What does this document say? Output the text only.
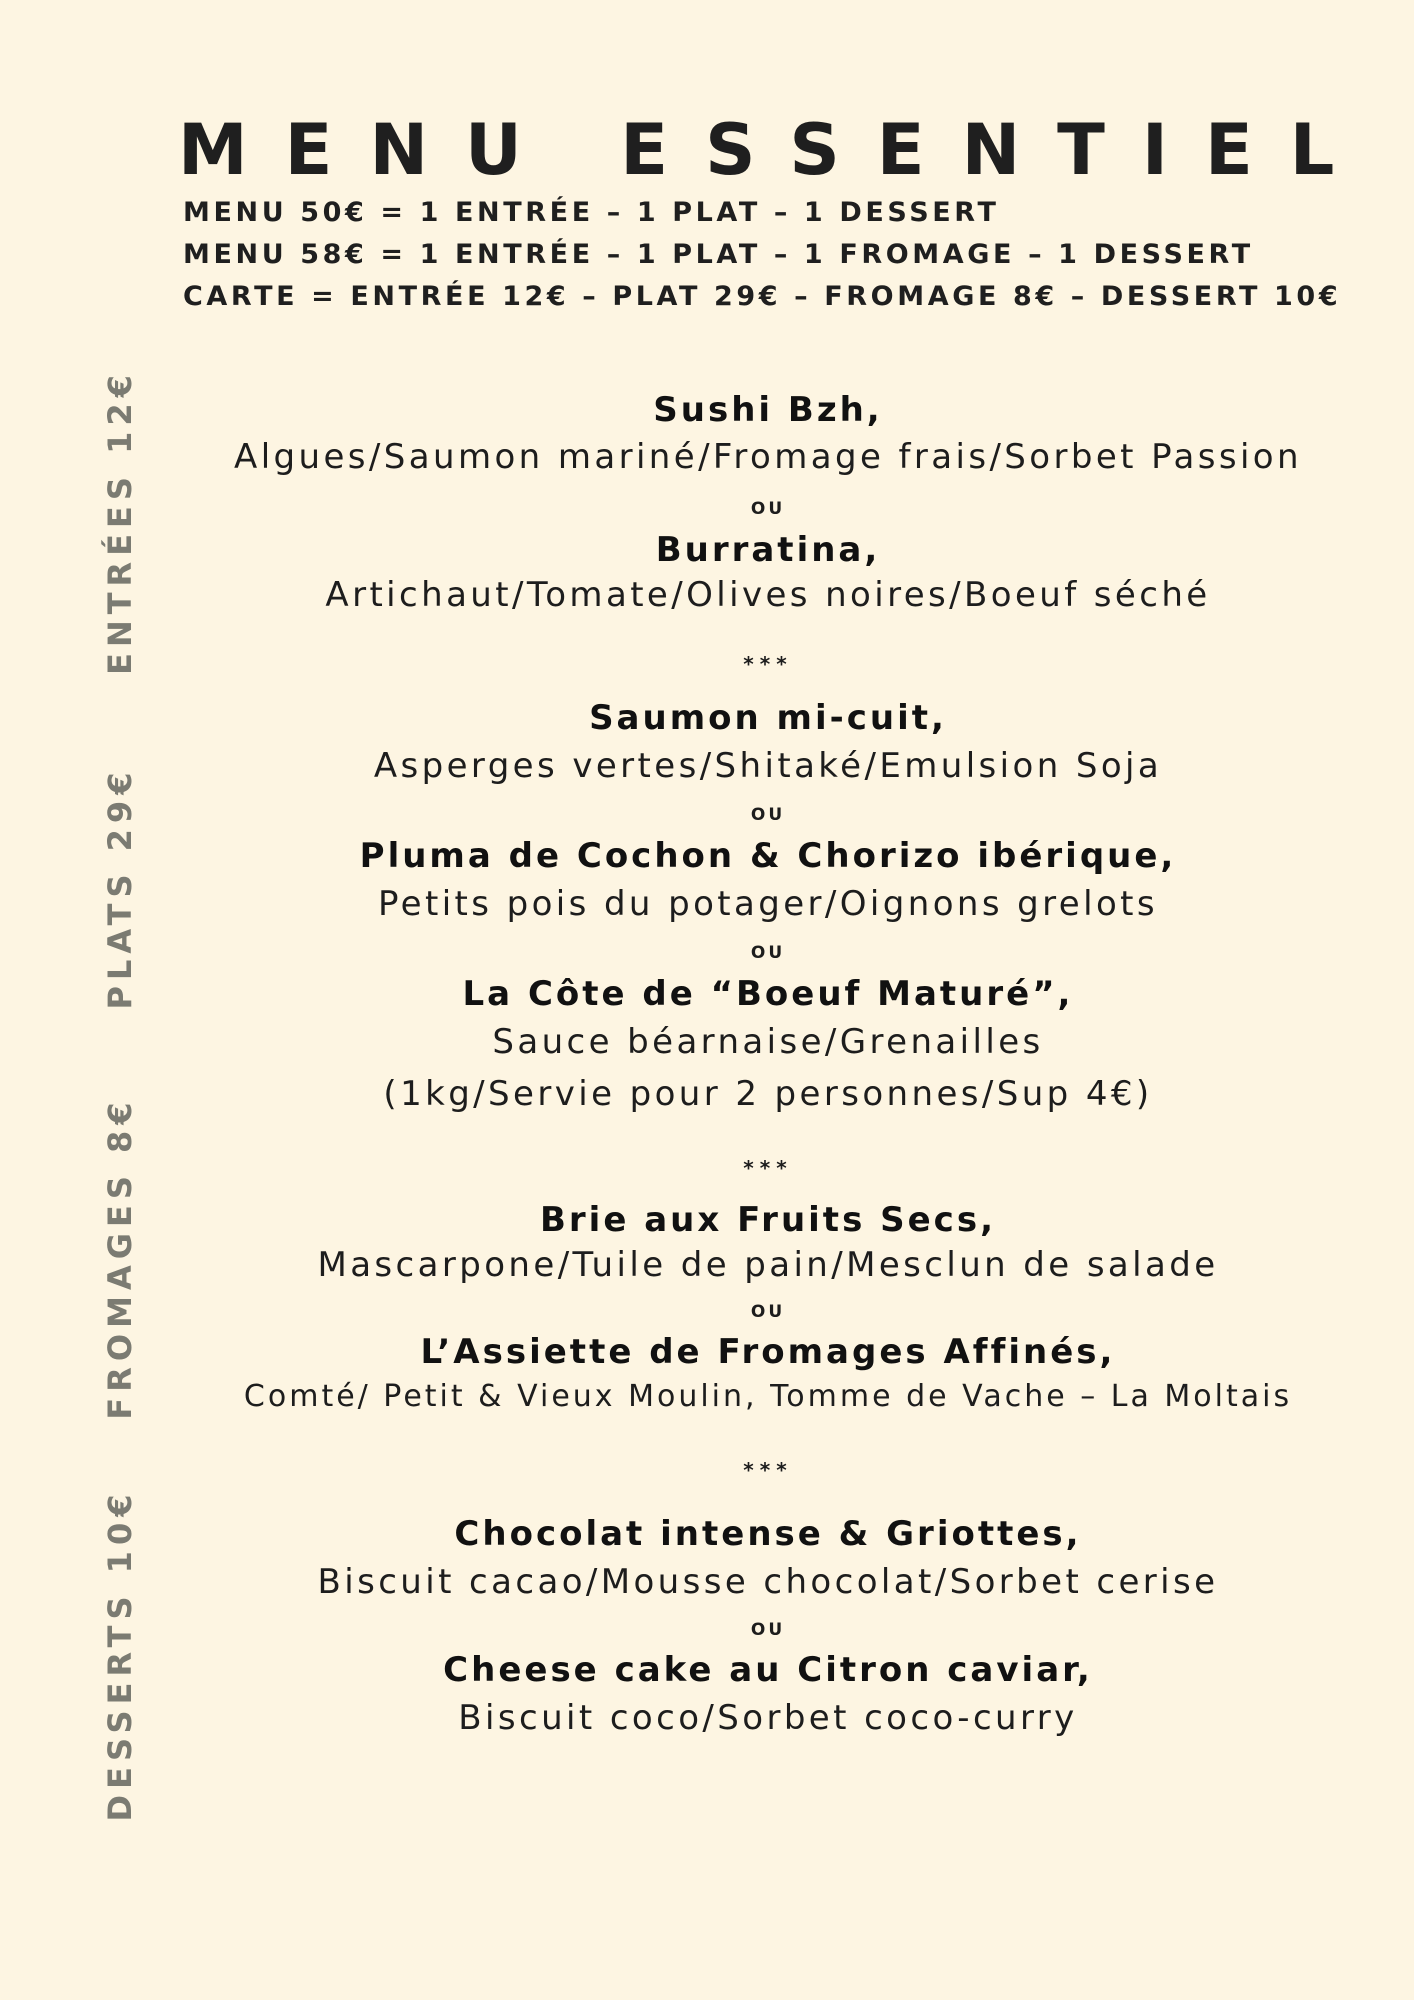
MENU ESSENTIEL
MENU 50€ = 1 ENTRÉE – 1 PLAT – 1 DESSERT
MENU 58€ = 1 ENTRÉE – 1 PLAT – 1 FROMAGE – 1 DESSERT
CARTE = ENTRÉE 12€ – PLAT 29€ – FROMAGE 8€ – DESSERT 10€
ENTRÉES 12€
PLATS 29€
FROMAGES 8€
DESSERTS 10€
Sushi Bzh,
Algues/Saumon mariné/Fromage frais/Sorbet Passion
OU
Burratina,
Artichaut/Tomate/Olives noires/Boeuf séché
***
Saumon mi-cuit,
Asperges vertes/Shitaké/Emulsion Soja
OU
Pluma de Cochon & Chorizo ibérique,
Petits pois du potager/Oignons grelots
OU
La Côte de “Boeuf Maturé”,
Sauce béarnaise/Grenailles
(1kg/Servie pour 2 personnes/Sup 4€)
***
Brie aux Fruits Secs,
Mascarpone/Tuile de pain/Mesclun de salade
OU
L’Assiette de Fromages Affinés,
Comté/ Petit & Vieux Moulin, Tomme de Vache – La Moltais
***
Chocolat intense & Griottes,
Biscuit cacao/Mousse chocolat/Sorbet cerise
OU
Cheese cake au Citron caviar,
Biscuit coco/Sorbet coco-curry
